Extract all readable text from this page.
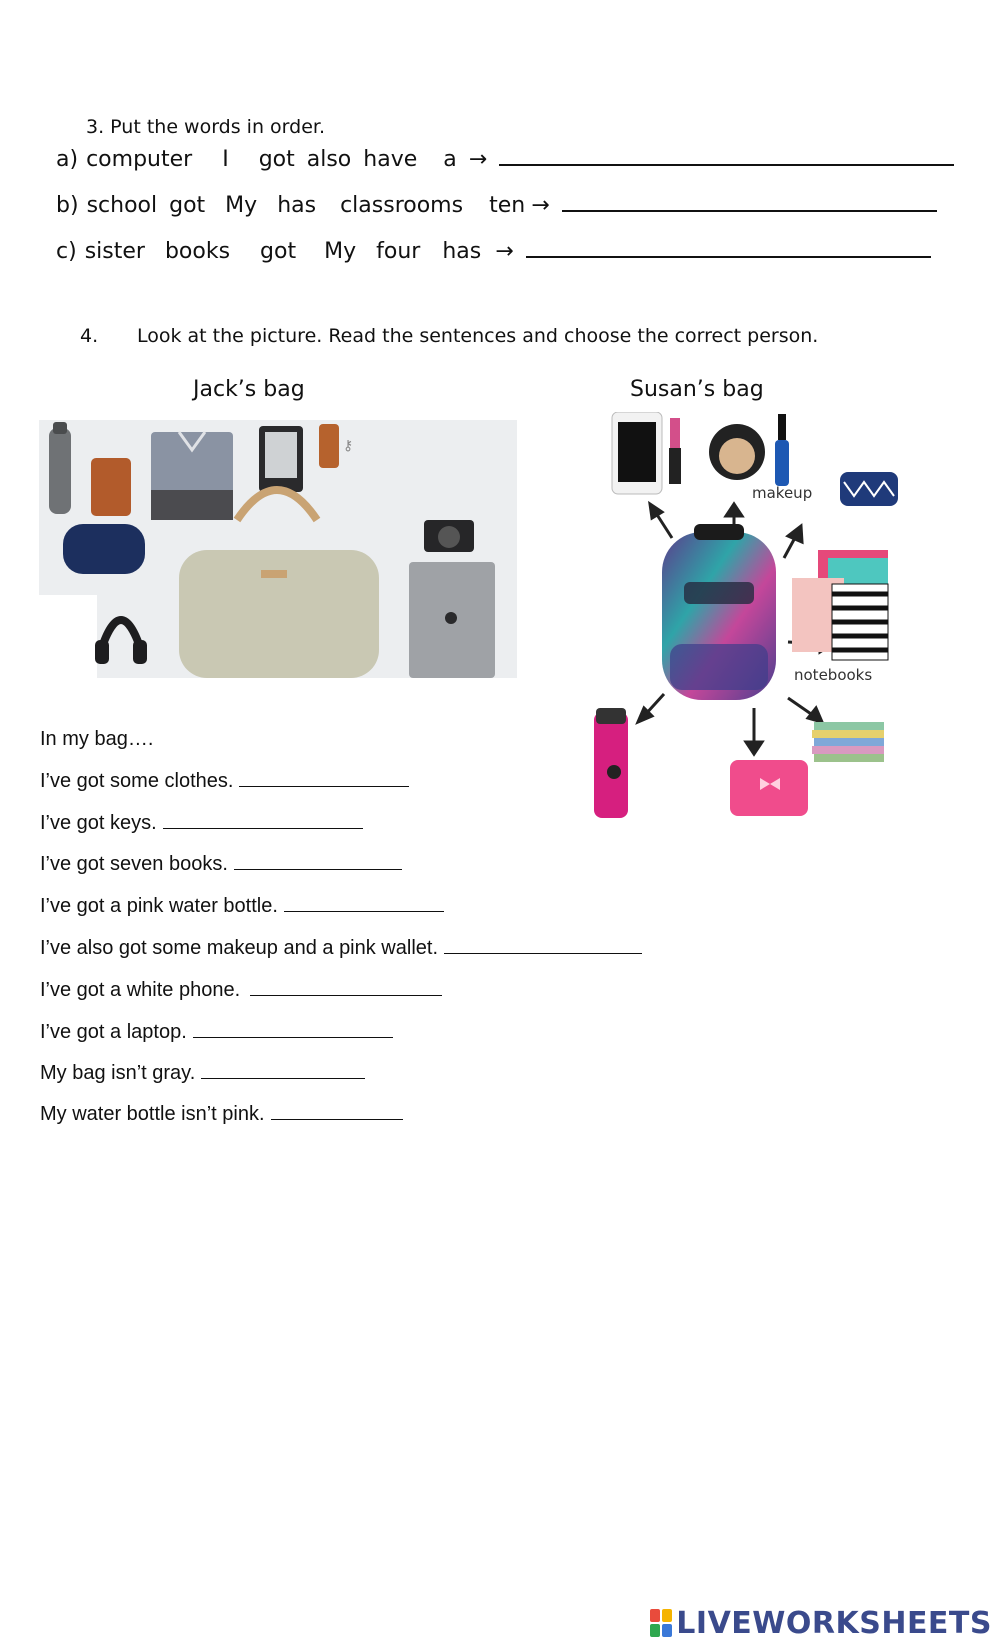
3. Put the words in order.
a) computer I got also have a →
b) school got My has classrooms ten →
c) sister books got My four has →
4. Look at the picture. Read the sentences and choose the correct person.
Jack’s bag	Susan’s bag
⚷
makeup
notebooks
In my bag….
I’ve got some clothes.
I’ve got keys.
I’ve got seven books.
I’ve got a pink water bottle.
I’ve also got some makeup and a pink wallet.
I’ve got a white phone.
I’ve got a laptop.
My bag isn’t gray.
My water bottle isn’t pink.
LIVEWORKSHEETS
